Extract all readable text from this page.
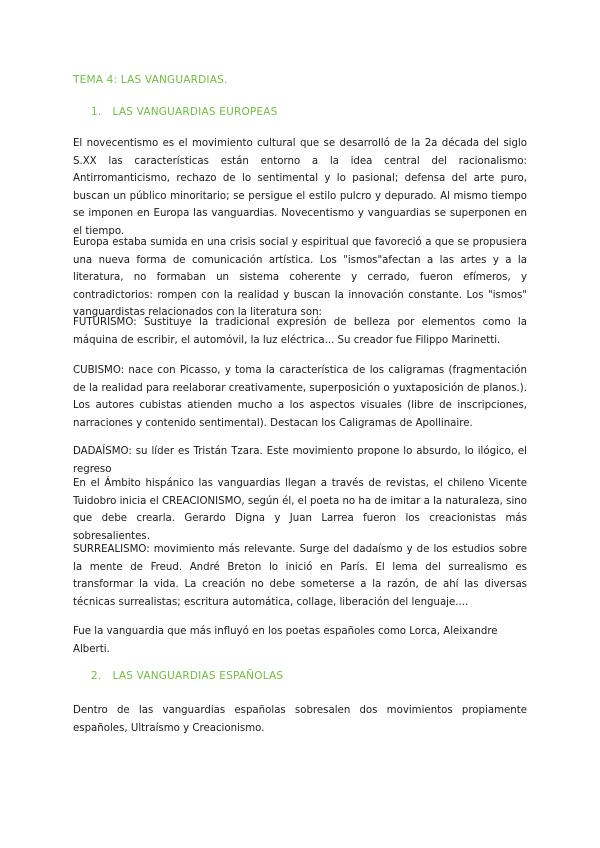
TEMA 4: LAS VANGUARDIAS.
1. LAS VANGUARDIAS EUROPEAS

El novecentismo es el movimiento cultural que se desarrolló de la 2a década del siglo S.XX las características están entorno a la idea central del racionalismo: Antirromanticismo, rechazo de lo sentimental y lo pasional; defensa del arte puro, buscan un público minoritario; se persigue el estilo pulcro y depurado. Al mismo tiempo se imponen en Europa las vanguardias. Novecentismo y vanguardias se superponen en el tiempo.

Europa estaba sumida en una crisis social y espiritual que favoreció a que se propusiera una nueva forma de comunicación artística. Los "ismos"afectan a las artes y a la literatura, no formaban un sistema coherente y cerrado, fueron efímeros, y contradictorios: rompen con la realidad y buscan la innovación constante. Los "ismos" vanguardistas relacionados con la literatura son:

FUTURISMO: Sustituye la tradicional expresión de belleza por elementos como la máquina de escribir, el automóvil, la luz eléctrica... Su creador fue Filippo Marinetti.

CUBISMO: nace con Picasso, y toma la característica de los caligramas (fragmentación de la realidad para reelaborar creativamente, superposición o yuxtaposición de planos.). Los autores cubistas atienden mucho a los aspectos visuales (libre de inscripciones, narraciones y contenido sentimental). Destacan los Caligramas de Apollinaire.

DADAÍSMO: su líder es Tristán Tzara. Este movimiento propone lo absurdo, lo ilógico, el regreso

En el Ámbito hispánico las vanguardias llegan a través de revistas, el chileno Vicente Tuidobro inicia el CREACIONISMO, según él, el poeta no ha de imitar a la naturaleza, sino que debe crearla. Gerardo Digna y Juan Larrea fueron los creacionistas más sobresalientes.

SURREALISMO: movimiento más relevante. Surge del dadaísmo y de los estudios sobre la mente de Freud. André Breton lo inició en París. El lema del surrealismo es transformar la vida. La creación no debe someterse a la razón, de ahí las diversas técnicas surrealistas; escritura automática, collage, liberación del lenguaje....

Fue la vanguardia que más influyó en los poetas españoles como Lorca, Aleixandre
Alberti.

2. LAS VANGUARDIAS ESPAÑOLAS

Dentro de las vanguardias españolas sobresalen dos movimientos propiamente españoles, Ultraísmo y Creacionismo.
